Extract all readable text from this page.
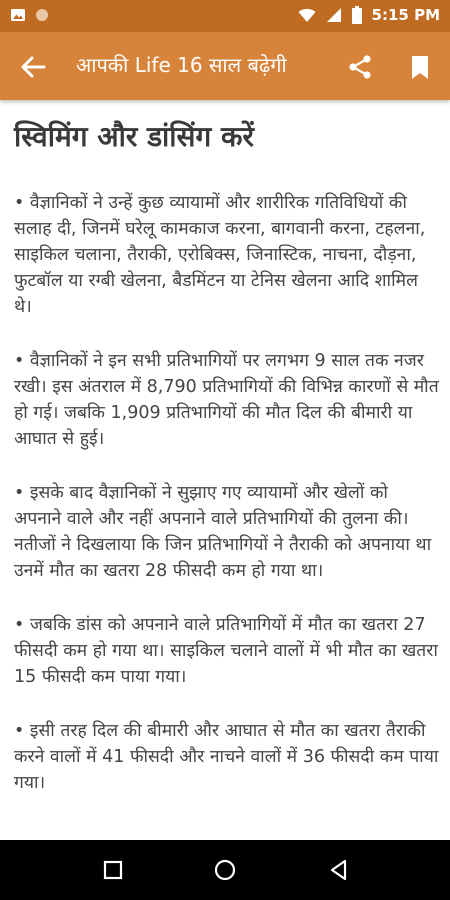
5:15 PM
आपकी Life 16 साल बढ़ेगी
स्विमिंग और डांसिंग करें

• वैज्ञानिकों ने उन्हें कुछ व्यायामों और शारीरिक गतिविधियों की सलाह दी, जिनमें घरेलू कामकाज करना, बागवानी करना, टहलना, साइकिल चलाना, तैराकी, एरोबिक्स, जिनास्टिक, नाचना, दौड़ना, फुटबॉल या रग्बी खेलना, बैडमिंटन या टेनिस खेलना आदि शामिल थे।

• वैज्ञानिकों ने इन सभी प्रतिभागियों पर लगभग 9 साल तक नजर रखी। इस अंतराल में 8,790 प्रतिभागियों की विभिन्न कारणों से मौत हो गई। जबकि 1,909 प्रतिभागियों की मौत दिल की बीमारी या आघात से हुई।

• इसके बाद वैज्ञानिकों ने सुझाए गए व्यायामों और खेलों को अपनाने वाले और नहीं अपनाने वाले प्रतिभागियों की तुलना की। नतीजों ने दिखलाया कि जिन प्रतिभागियों ने तैराकी को अपनाया था उनमें मौत का खतरा 28 फीसदी कम हो गया था।

• जबकि डांस को अपनाने वाले प्रतिभागियों में मौत का खतरा 27 फीसदी कम हो गया था। साइकिल चलाने वालों में भी मौत का खतरा 15 फीसदी कम पाया गया।

• इसी तरह दिल की बीमारी और आघात से मौत का खतरा तैराकी करने वालों में 41 फीसदी और नाचने वालों में 36 फीसदी कम पाया गया।
